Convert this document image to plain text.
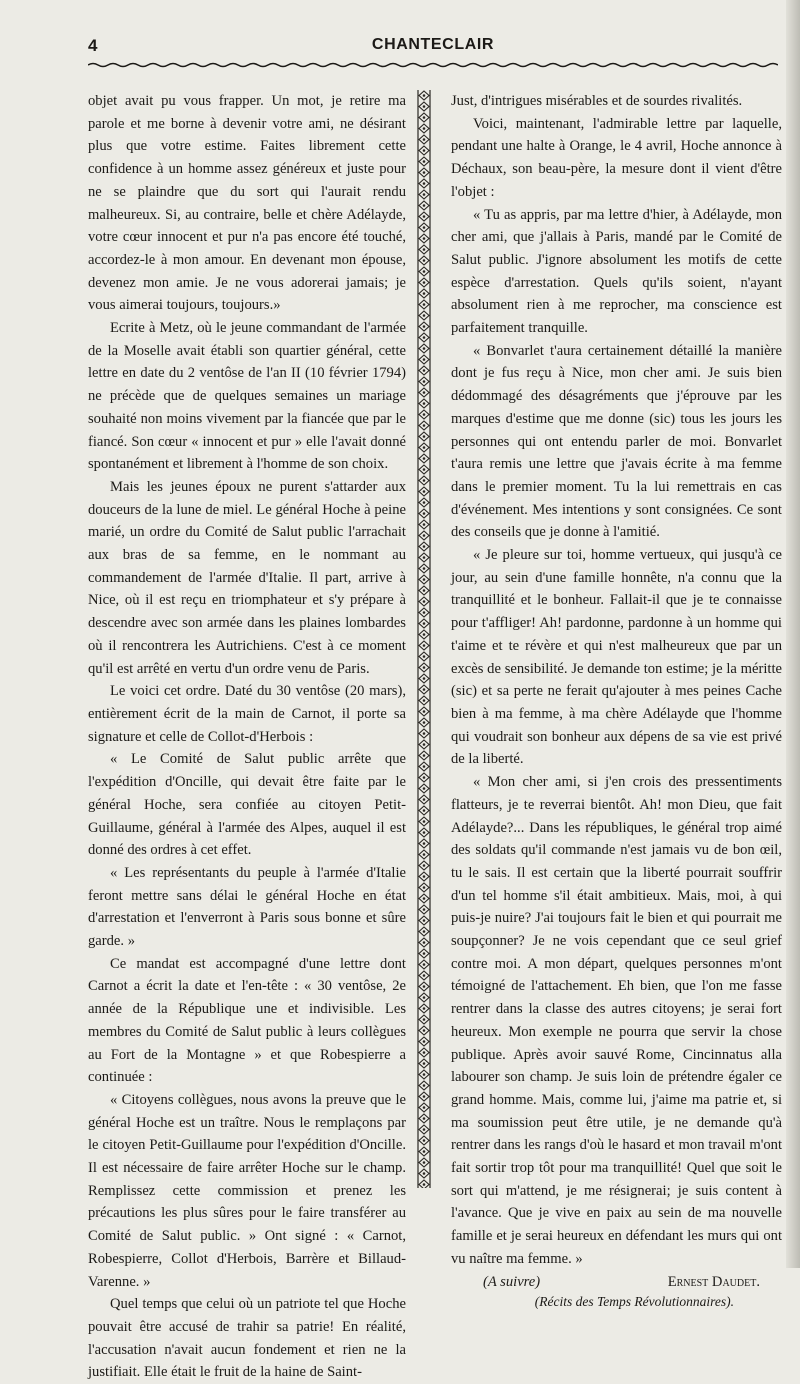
4	CHANTECLAIR

objet avait pu vous frapper. Un mot, je retire ma parole et me borne à devenir votre ami, ne désirant plus que votre estime. Faites librement cette confidence à un homme assez généreux et juste pour ne se plaindre que du sort qui l'aurait rendu malheureux. Si, au contraire, belle et chère Adélayde, votre cœur innocent et pur n'a pas encore été touché, accordez-le à mon amour. En devenant mon épouse, devenez mon amie. Je ne vous adorerai jamais; je vous aimerai toujours, toujours.»

Ecrite à Metz, où le jeune commandant de l'armée de la Moselle avait établi son quartier général, cette lettre en date du 2 ventôse de l'an II (10 février 1794) ne précède que de quelques semaines un mariage souhaité non moins vivement par la fiancée que par le fiancé. Son cœur « innocent et pur » elle l'avait donné spontanément et librement à l'homme de son choix.

Mais les jeunes époux ne purent s'attarder aux douceurs de la lune de miel. Le général Hoche à peine marié, un ordre du Comité de Salut public l'arrachait aux bras de sa femme, en le nommant au commandement de l'armée d'Italie. Il part, arrive à Nice, où il est reçu en triomphateur et s'y prépare à descendre avec son armée dans les plaines lombardes où il rencontrera les Autrichiens. C'est à ce moment qu'il est arrêté en vertu d'un ordre venu de Paris.

Le voici cet ordre. Daté du 30 ventôse (20 mars), entièrement écrit de la main de Carnot, il porte sa signature et celle de Collot-d'Herbois :

« Le Comité de Salut public arrête que l'expédition d'Oncille, qui devait être faite par le général Hoche, sera confiée au citoyen Petit-Guillaume, général à l'armée des Alpes, auquel il est donné des ordres à cet effet.

« Les représentants du peuple à l'armée d'Italie feront mettre sans délai le général Hoche en état d'arrestation et l'enverront à Paris sous bonne et sûre garde. »

Ce mandat est accompagné d'une lettre dont Carnot a écrit la date et l'en-tête : « 30 ventôse, 2e année de la République une et indivisible. Les membres du Comité de Salut public à leurs collègues au Fort de la Montagne » et que Robespierre a continuée :

« Citoyens collègues, nous avons la preuve que le général Hoche est un traître. Nous le remplaçons par le citoyen Petit-Guillaume pour l'expédition d'Oncille. Il est nécessaire de faire arrêter Hoche sur le champ. Remplissez cette commission et prenez les précautions les plus sûres pour le faire transférer au Comité de Salut public. » Ont signé : « Carnot, Robespierre, Collot d'Herbois, Barrère et Billaud-Varenne. »

Quel temps que celui où un patriote tel que Hoche pouvait être accusé de trahir sa patrie! En réalité, l'accusation n'avait aucun fondement et rien ne la justifiait. Elle était le fruit de la haine de Saint-

Just, d'intrigues misérables et de sourdes rivalités.

Voici, maintenant, l'admirable lettre par laquelle, pendant une halte à Orange, le 4 avril, Hoche annonce à Déchaux, son beau-père, la mesure dont il vient d'être l'objet :

« Tu as appris, par ma lettre d'hier, à Adélayde, mon cher ami, que j'allais à Paris, mandé par le Comité de Salut public. J'ignore absolument les motifs de cette espèce d'arrestation. Quels qu'ils soient, n'ayant absolument rien à me reprocher, ma conscience est parfaitement tranquille.

« Bonvarlet t'aura certainement détaillé la manière dont je fus reçu à Nice, mon cher ami. Je suis bien dédommagé des désagréments que j'éprouve par les marques d'estime que me donne (sic) tous les jours les personnes qui ont entendu parler de moi. Bonvarlet t'aura remis une lettre que j'avais écrite à ma femme dans le premier moment. Tu la lui remettrais en cas d'événement. Mes intentions y sont consignées. Ce sont des conseils que je donne à l'amitié.

« Je pleure sur toi, homme vertueux, qui jusqu'à ce jour, au sein d'une famille honnête, n'a connu que la tranquillité et le bonheur. Fallait-il que je te connaisse pour t'affliger! Ah! pardonne, pardonne à un homme qui t'aime et te révère et qui n'est malheureux que par un excès de sensibilité. Je demande ton estime; je la méritte (sic) et sa perte ne ferait qu'ajouter à mes peines Cache bien à ma femme, à ma chère Adélayde que l'homme qui voudrait son bonheur aux dépens de sa vie est privé de la liberté.

« Mon cher ami, si j'en crois des pressentiments flatteurs, je te reverrai bientôt. Ah! mon Dieu, que fait Adélayde?... Dans les républiques, le général trop aimé des soldats qu'il commande n'est jamais vu de bon œil, tu le sais. Il est certain que la liberté pourrait souffrir d'un tel homme s'il était ambitieux. Mais, moi, à qui puis-je nuire? J'ai toujours fait le bien et qui pourrait me soupçonner? Je ne vois cependant que ce seul grief contre moi. A mon départ, quelques personnes m'ont témoigné de l'attachement. Eh bien, que l'on me fasse rentrer dans la classe des autres citoyens; je serai fort heureux. Mon exemple ne pourra que servir la chose publique. Après avoir sauvé Rome, Cincinnatus alla labourer son champ. Je suis loin de prétendre égaler ce grand homme. Mais, comme lui, j'aime ma patrie et, si ma soumission peut être utile, je ne demande qu'à rentrer dans les rangs d'où le hasard et mon travail m'ont fait sortir trop tôt pour ma tranquillité! Quel que soit le sort qui m'attend, je me résignerai; je suis content à l'avance. Que je vive en paix au sein de ma nouvelle famille et je serai heureux en défendant les murs qui ont vu naître ma femme. »

(A suivre)	Ernest Daudet.

(Récits des Temps Révolutionnaires).
